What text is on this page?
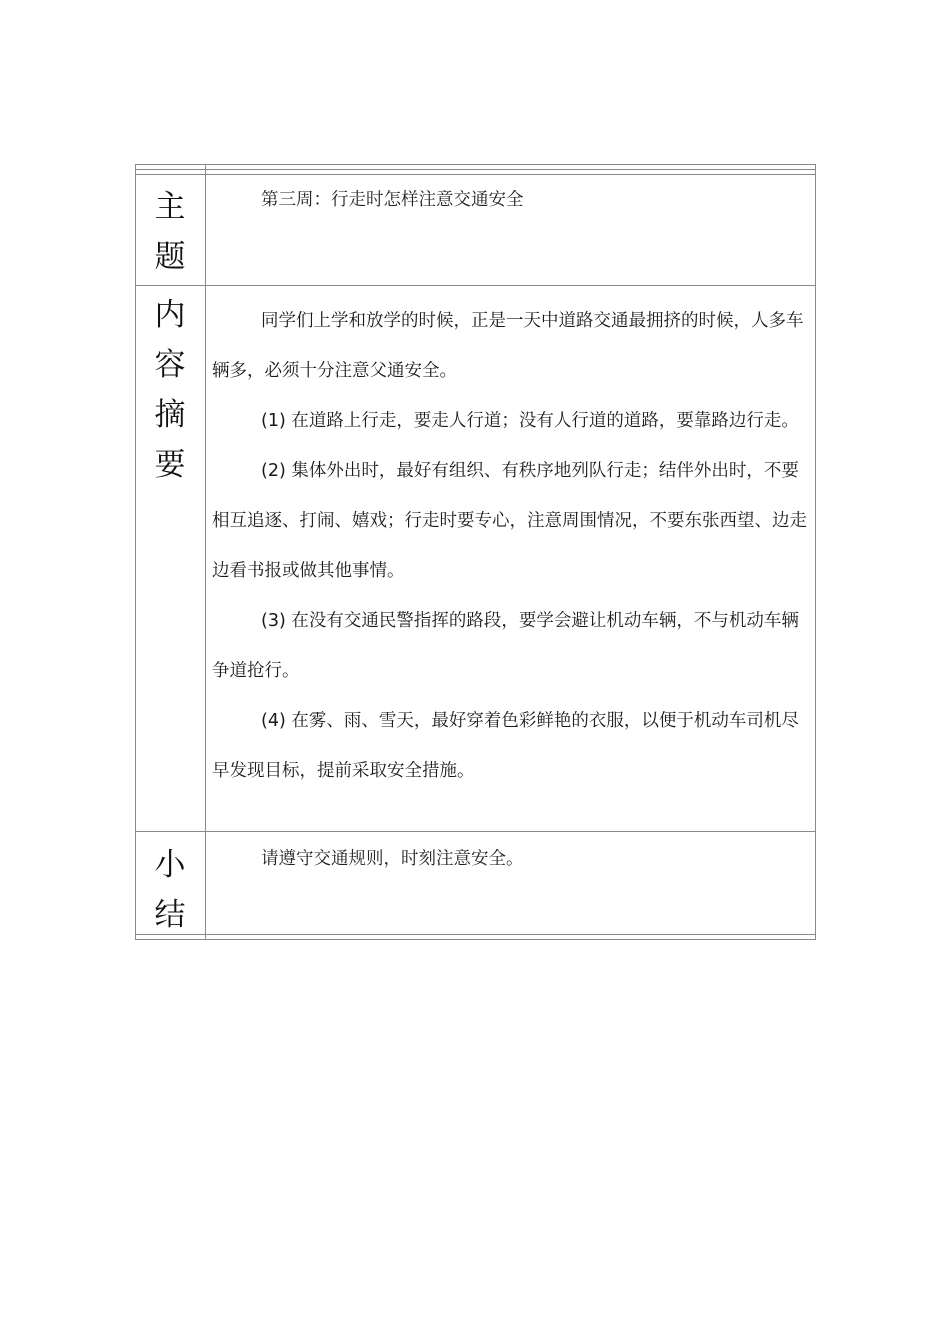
主
题
第三周：行走时怎样注意交通安全
内
容
摘
要

同学们上学和放学的时候，正是一天中道路交通最拥挤的时候，人多车辆多，必须十分注意父通安全。

(1) 在道路上行走，要走人行道；没有人行道的道路，要靠路边行走。

(2) 集体外出时，最好有组织、有秩序地列队行走；结伴外出时，不要相互追逐、打闹、嬉戏；行走时要专心，注意周围情况，不要东张西望、边走边看书报或做其他事情。

(3) 在没有交通民警指挥的路段，要学会避让机动车辆，不与机动车辆争道抢行。

(4) 在雾、雨、雪天，最好穿着色彩鲜艳的衣服，以便于机动车司机尽早发现目标，提前采取安全措施。

小
结
请遵守交通规则，时刻注意安全。
